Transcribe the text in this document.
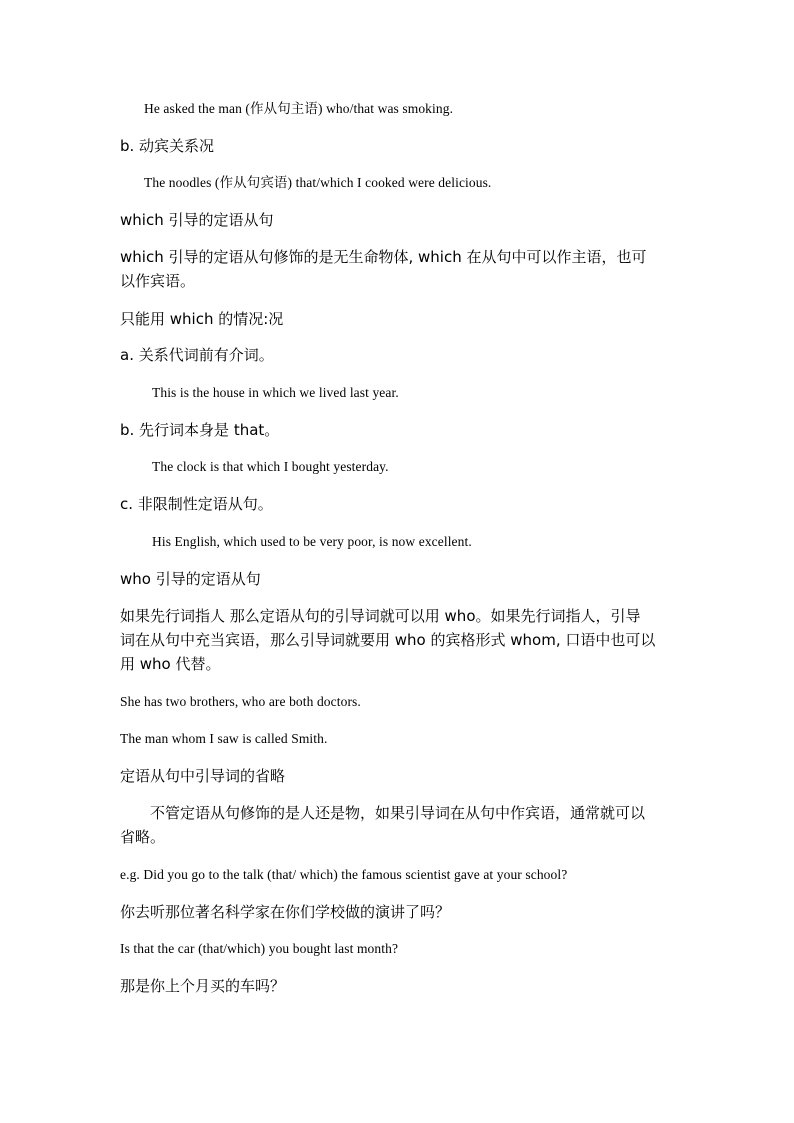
He asked the man (作从句主语) who/that was smoking.
b. 动宾关系况
The noodles (作从句宾语) that/which I cooked were delicious.
which 引导的定语从句
which 引导的定语从句修饰的是无生命物体, which 在从句中可以作主语，也可
以作宾语。
只能用 which 的情况:况
a. 关系代词前有介词。
This is the house in which we lived last year.
b. 先行词本身是 that。
The clock is that which I bought yesterday.
c. 非限制性定语从句。
His English, which used to be very poor, is now excellent.
who 引导的定语从句
如果先行词指人 那么定语从句的引导词就可以用 who。如果先行词指人，引导
词在从句中充当宾语，那么引导词就要用 who 的宾格形式 whom, 口语中也可以
用 who 代替。
She has two brothers, who are both doctors.
The man whom I saw is called Smith.
定语从句中引导词的省略
不管定语从句修饰的是人还是物，如果引导词在从句中作宾语，通常就可以
省略。
e.g. Did you go to the talk (that/ which) the famous scientist gave at your school?
你去听那位著名科学家在你们学校做的演讲了吗？
Is that the car (that/which) you bought last month?
那是你上个月买的车吗？
